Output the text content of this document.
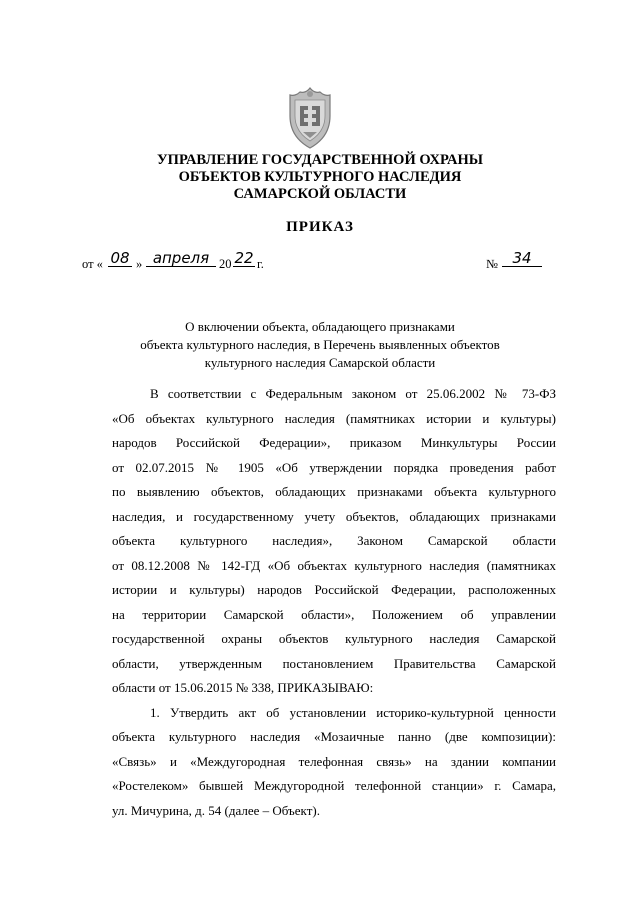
УПРАВЛЕНИЕ ГОСУДАРСТВЕННОЙ ОХРАНЫ
ОБЪЕКТОВ КУЛЬТУРНОГО НАСЛЕДИЯ
САМАРСКОЙ ОБЛАСТИ
ПРИКАЗ
от « 08 » апреля 20 22 г.	№ 34
О включении объекта, обладающего признаками
объекта культурного наследия, в Перечень выявленных объектов
культурного наследия Самарской области
В соответствии с Федеральным законом от 25.06.2002 № 73-ФЗ
«Об объектах культурного наследия (памятниках истории и культуры)
народов Российской Федерации», приказом Минкультуры России
от 02.07.2015 № 1905 «Об утверждении порядка проведения работ
по выявлению объектов, обладающих признаками объекта культурного
наследия, и государственному учету объектов, обладающих признаками
объекта культурного наследия», Законом Самарской области
от 08.12.2008 № 142-ГД «Об объектах культурного наследия (памятниках
истории и культуры) народов Российской Федерации, расположенных
на территории Самарской области», Положением об управлении
государственной охраны объектов культурного наследия Самарской
области, утвержденным постановлением Правительства Самарской
области от 15.06.2015 № 338, ПРИКАЗЫВАЮ:
1. Утвердить акт об установлении историко-культурной ценности
объекта культурного наследия «Мозаичные панно (две композиции):
«Связь» и «Междугородная телефонная связь» на здании компании
«Ростелеком» бывшей Междугородной телефонной станции» г. Самара,
ул. Мичурина, д. 54 (далее – Объект).
